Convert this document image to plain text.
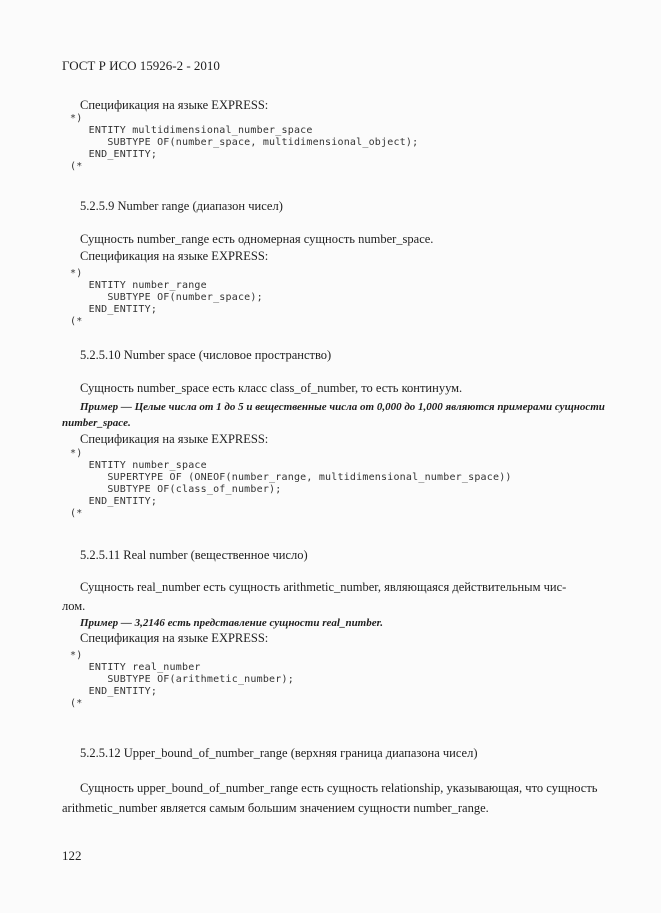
ГОСТ Р ИСО 15926-2 - 2010
Спецификация на языке EXPRESS:
*)
ENTITY multidimensional_number_space
SUBTYPE OF(number_space, multidimensional_object);
END_ENTITY;
(*
5.2.5.9 Number range (диапазон чисел)
Сущность number_range есть одномерная сущность number_space.
Спецификация на языке EXPRESS:
*)
ENTITY number_range
SUBTYPE OF(number_space);
END_ENTITY;
(*
5.2.5.10 Number space (числовое пространство)
Сущность number_space есть класс class_of_number, то есть континуум.
Пример — Целые числа от 1 до 5 и вещественные числа от 0,000 до 1,000 являются примерами сущности
number_space.
Спецификация на языке EXPRESS:
*)
ENTITY number_space
SUPERTYPE OF (ONEOF(number_range, multidimensional_number_space))
SUBTYPE OF(class_of_number);
END_ENTITY;
(*
5.2.5.11 Real number (вещественное число)
Сущность real_number есть сущность arithmetic_number, являющаяся действительным чис-
лом.
Пример — 3,2146 есть представление сущности real_number.
Спецификация на языке EXPRESS:
*)
ENTITY real_number
SUBTYPE OF(arithmetic_number);
END_ENTITY;
(*
5.2.5.12 Upper_bound_of_number_range (верхняя граница диапазона чисел)
Сущность upper_bound_of_number_range есть сущность relationship, указывающая, что сущность
arithmetic_number является самым большим значением сущности number_range.
122
